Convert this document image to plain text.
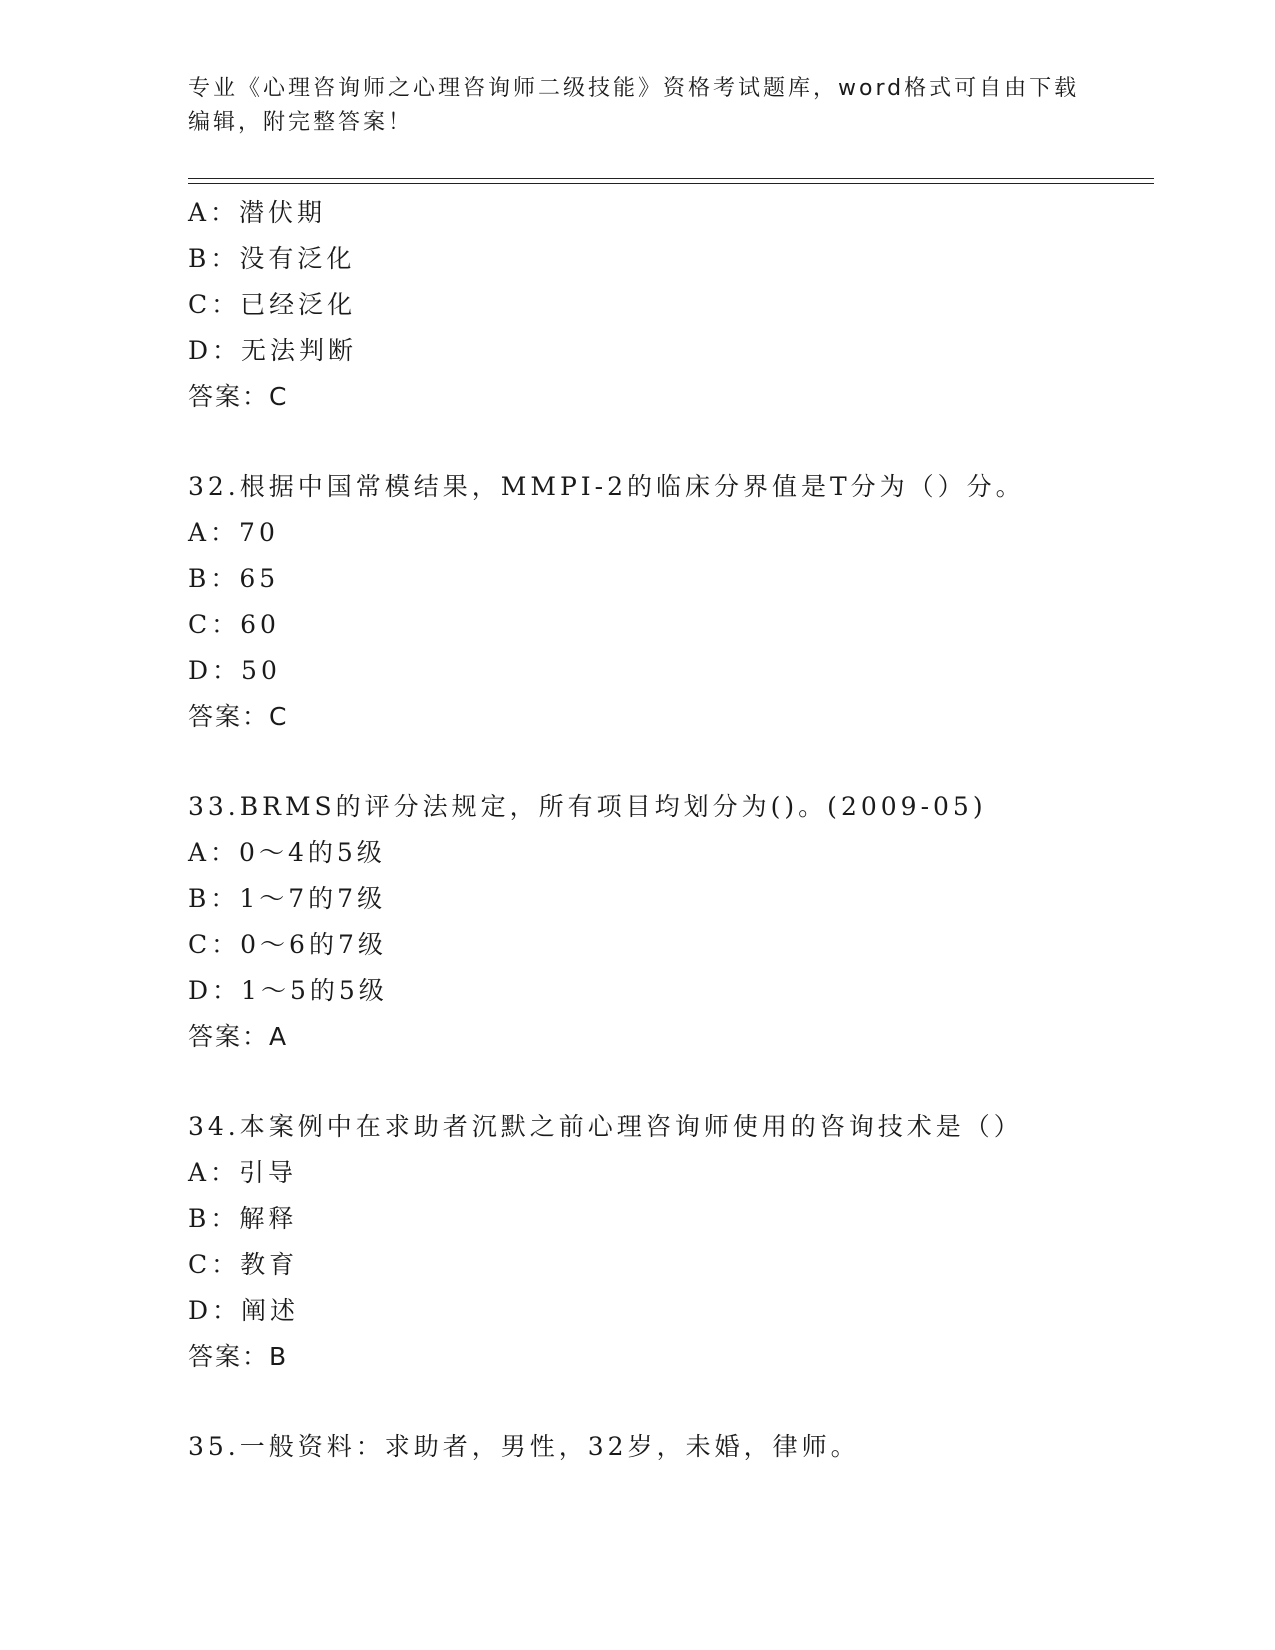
专业《心理咨询师之心理咨询师二级技能》资格考试题库，word格式可自由下载
编辑，附完整答案！
A：潜伏期
B：没有泛化
C：已经泛化
D：无法判断
答案：C
32.根据中国常模结果，MMPI-2的临床分界值是T分为（）分。
A：70
B：65
C：60
D：50
答案：C
33.BRMS的评分法规定，所有项目均划分为()。(2009-05)
A：0～4的5级
B：1～7的7级
C：0～6的7级
D：1～5的5级
答案：A
34.本案例中在求助者沉默之前心理咨询师使用的咨询技术是（）
A：引导
B：解释
C：教育
D：阐述
答案：B
35.一般资料：求助者，男性，32岁，未婚，律师。
